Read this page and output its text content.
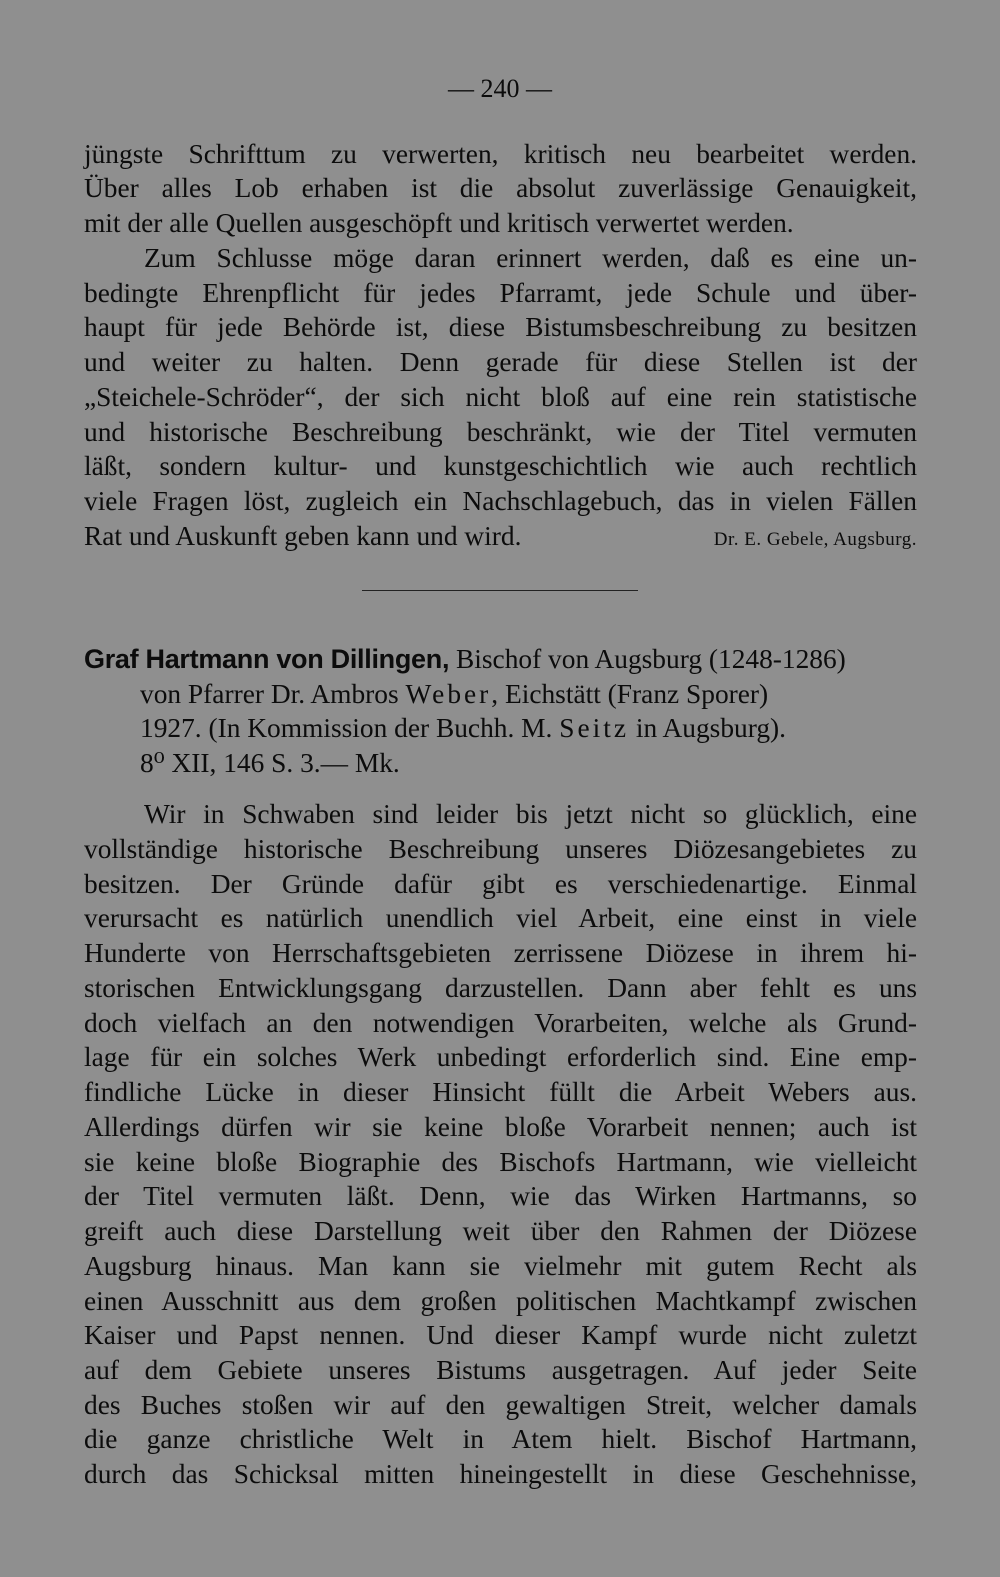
— 240 —
jüngste Schrifttum zu verwerten, kritisch neu bearbeitet werden.
Über alles Lob erhaben ist die absolut zuverlässige Genauigkeit,
mit der alle Quellen ausgeschöpft und kritisch verwertet werden.
Zum Schlusse möge daran erinnert werden, daß es eine un-
bedingte Ehrenpflicht für jedes Pfarramt, jede Schule und über-
haupt für jede Behörde ist, diese Bistumsbeschreibung zu besitzen
und weiter zu halten. Denn gerade für diese Stellen ist der
„Steichele-Schröder“, der sich nicht bloß auf eine rein statistische
und historische Beschreibung beschränkt, wie der Titel vermuten
läßt, sondern kultur- und kunstgeschichtlich wie auch rechtlich
viele Fragen löst, zugleich ein Nachschlagebuch, das in vielen Fällen
Rat und Auskunft geben kann und wird.	Dr. E. Gebele, Augsburg.
Graf Hartmann von Dillingen, Bischof von Augsburg (1248-1286)
von Pfarrer Dr. Ambros Weber, Eichstätt (Franz Sporer)
1927. (In Kommission der Buchh. M. Seitz in Augsburg).
8⁰ XII, 146 S. 3.— Mk.
Wir in Schwaben sind leider bis jetzt nicht so glücklich, eine
vollständige historische Beschreibung unseres Diözesangebietes zu
besitzen. Der Gründe dafür gibt es verschiedenartige. Einmal
verursacht es natürlich unendlich viel Arbeit, eine einst in viele
Hunderte von Herrschaftsgebieten zerrissene Diözese in ihrem hi-
storischen Entwicklungsgang darzustellen. Dann aber fehlt es uns
doch vielfach an den notwendigen Vorarbeiten, welche als Grund-
lage für ein solches Werk unbedingt erforderlich sind. Eine emp-
findliche Lücke in dieser Hinsicht füllt die Arbeit Webers aus.
Allerdings dürfen wir sie keine bloße Vorarbeit nennen; auch ist
sie keine bloße Biographie des Bischofs Hartmann, wie vielleicht
der Titel vermuten läßt. Denn, wie das Wirken Hartmanns, so
greift auch diese Darstellung weit über den Rahmen der Diözese
Augsburg hinaus. Man kann sie vielmehr mit gutem Recht als
einen Ausschnitt aus dem großen politischen Machtkampf zwischen
Kaiser und Papst nennen. Und dieser Kampf wurde nicht zuletzt
auf dem Gebiete unseres Bistums ausgetragen. Auf jeder Seite
des Buches stoßen wir auf den gewaltigen Streit, welcher damals
die ganze christliche Welt in Atem hielt. Bischof Hartmann,
durch das Schicksal mitten hineingestellt in diese Geschehnisse,
